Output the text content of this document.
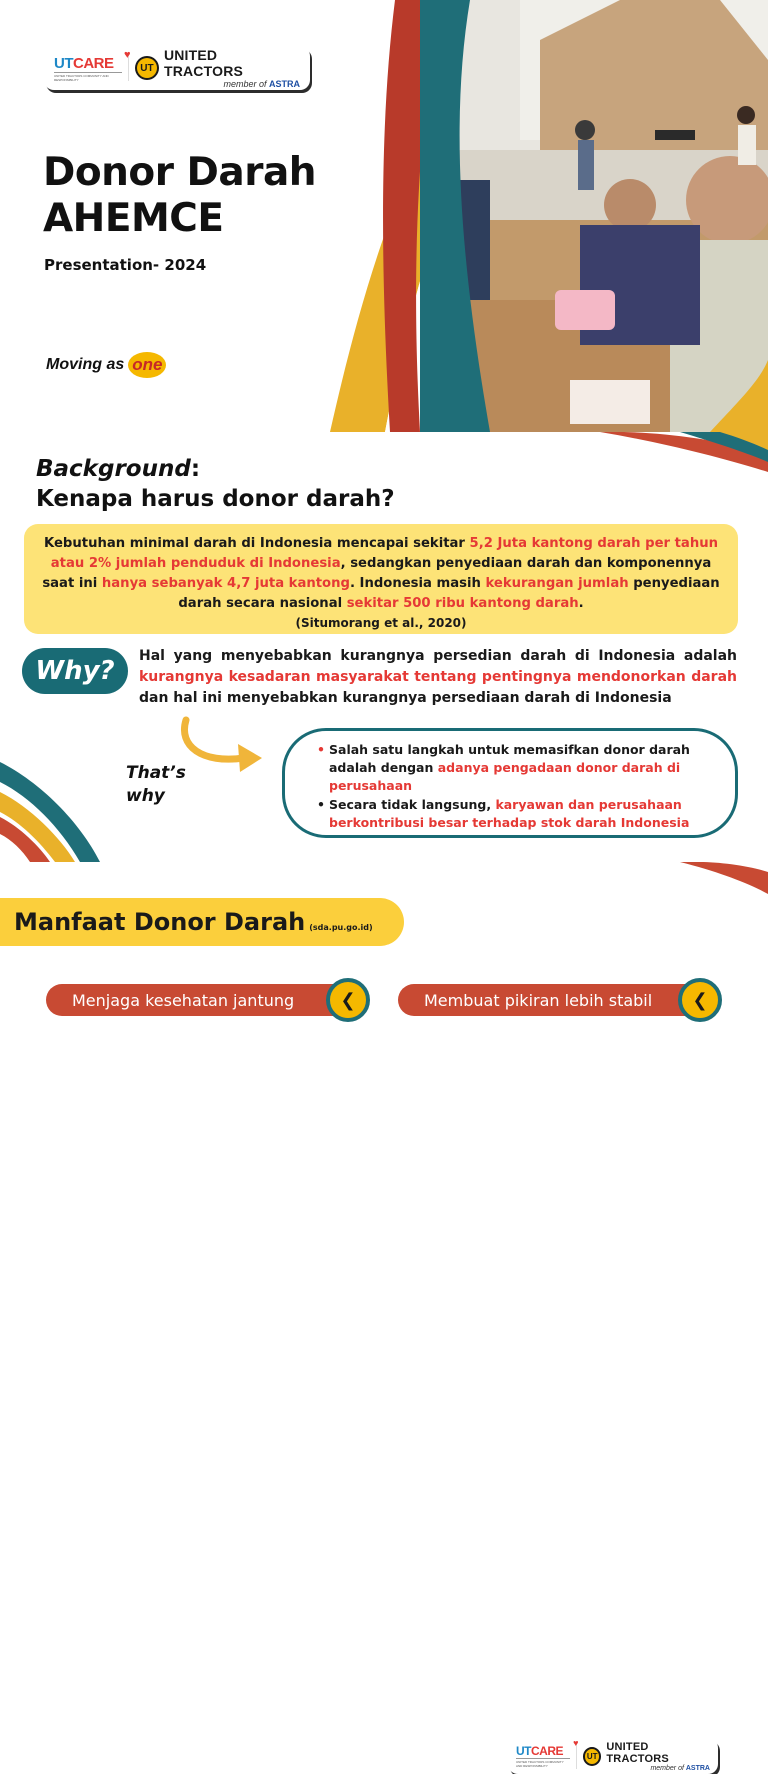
UTCARE ♥
UNITED TRACTORS COMMUNITY AND RESPONSIBILITY
UT
UNITED TRACTORS
member of ASTRA
Donor Darah
AHEMCE
Presentation- 2024
Moving as one
Background:
Kenapa harus donor darah?
Kebutuhan minimal darah di Indonesia mencapai sekitar 5,2 Juta kantong darah per tahun atau 2% jumlah penduduk di Indonesia, sedangkan penyediaan darah dan komponennya saat ini hanya sebanyak 4,7 juta kantong. Indonesia masih kekurangan jumlah penyediaan darah secara nasional sekitar 500 ribu kantong darah.
(Situmorang et al., 2020)
Why?	Hal yang menyebabkan kurangnya persedian darah di Indonesia adalah kurangnya kesadaran masyarakat tentang pentingnya mendonorkan darah dan hal ini menyebabkan kurangnya persediaan darah di Indonesia

That’s
why
• Salah satu langkah untuk memasifkan donor darah adalah dengan adanya pengadaan donor darah di perusahaan
• Secara tidak langsung, karyawan dan perusahaan berkontribusi besar terhadap stok darah Indonesia
Manfaat Donor Darah (sda.pu.go.id)
UTCARE
♥
UNITED TRACTORS COMMUNITY AND RESPONSIBILITY
UT
UNITED TRACTORS
member of ASTRA
Menjaga kesehatan jantung	❮	Membuat pikiran lebih stabil	❮
